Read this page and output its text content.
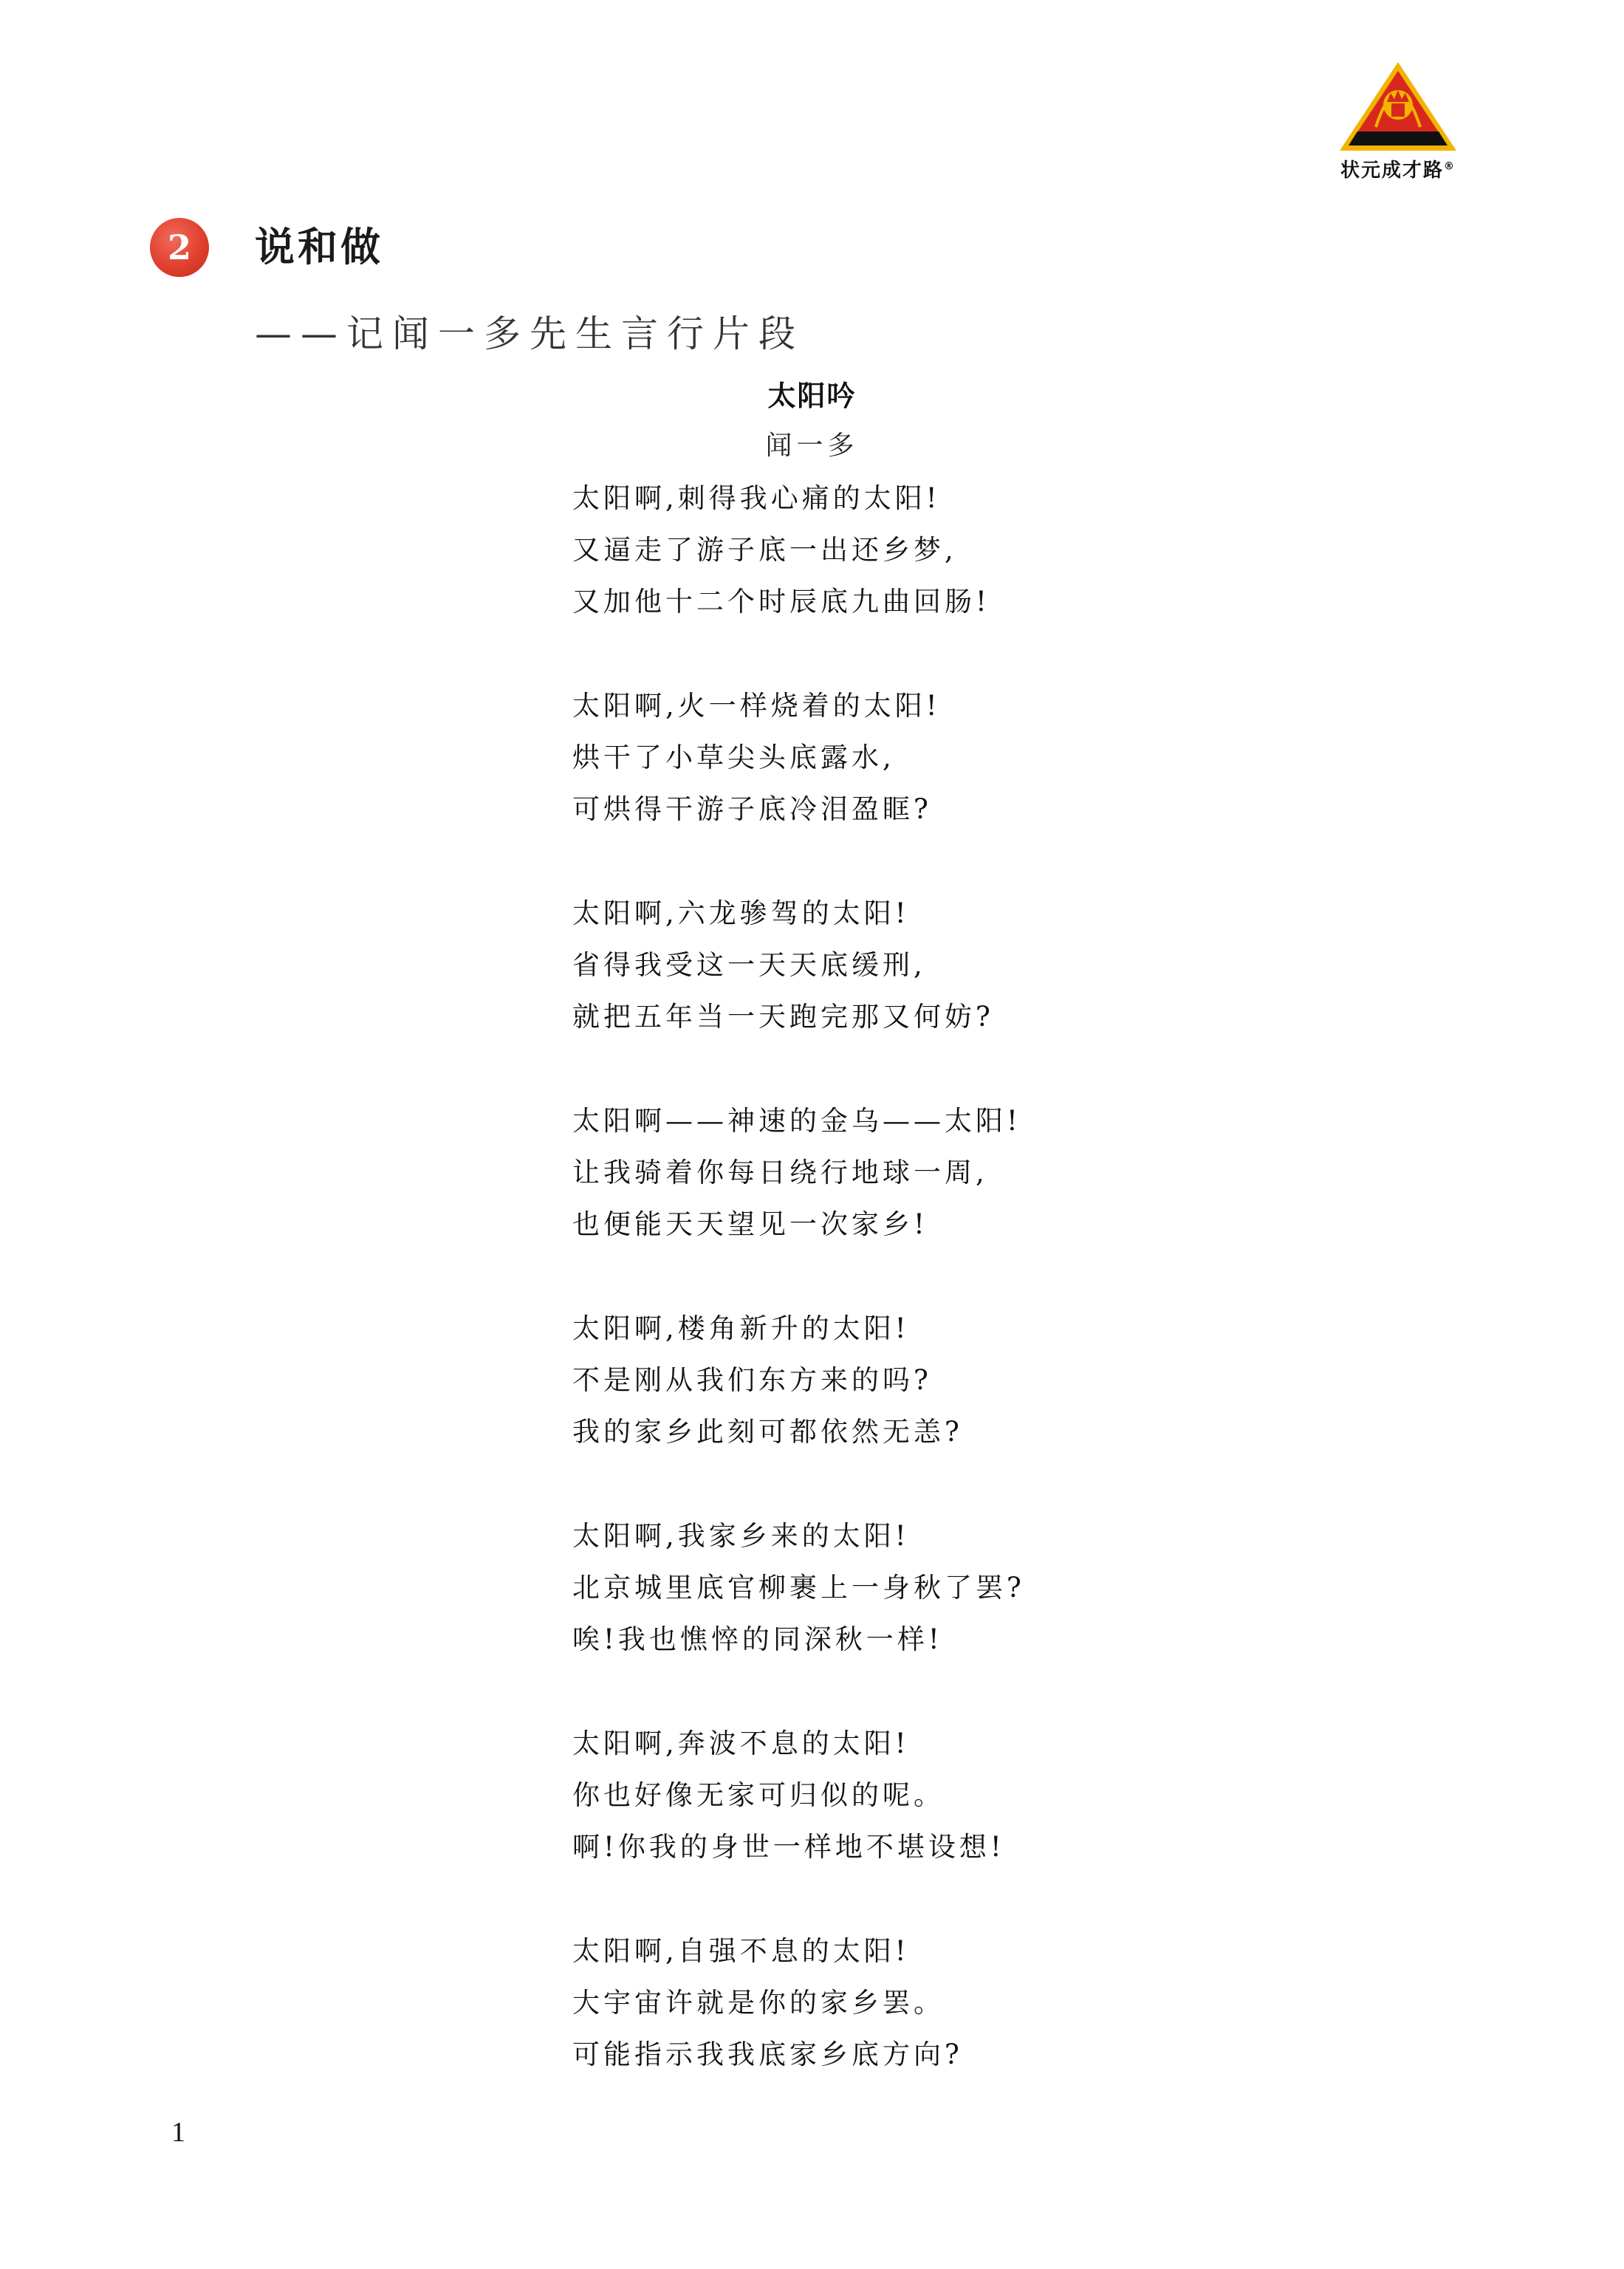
状元成才路®
2	说和做
——记闻一多先生言行片段
太阳吟
闻一多
太阳啊,刺得我心痛的太阳!
又逼走了游子底一出还乡梦,
又加他十二个时辰底九曲回肠!
太阳啊,火一样烧着的太阳!
烘干了小草尖头底露水,
可烘得干游子底冷泪盈眶?
太阳啊,六龙骖驾的太阳!
省得我受这一天天底缓刑,
就把五年当一天跑完那又何妨?
太阳啊——神速的金乌——太阳!
让我骑着你每日绕行地球一周,
也便能天天望见一次家乡!
太阳啊,楼角新升的太阳!
不是刚从我们东方来的吗?
我的家乡此刻可都依然无恙?
太阳啊,我家乡来的太阳!
北京城里底官柳裹上一身秋了罢?
唉!我也憔悴的同深秋一样!
太阳啊,奔波不息的太阳!
你也好像无家可归似的呢。
啊!你我的身世一样地不堪设想!
太阳啊,自强不息的太阳!
大宇宙许就是你的家乡罢。
可能指示我我底家乡底方向?
1
